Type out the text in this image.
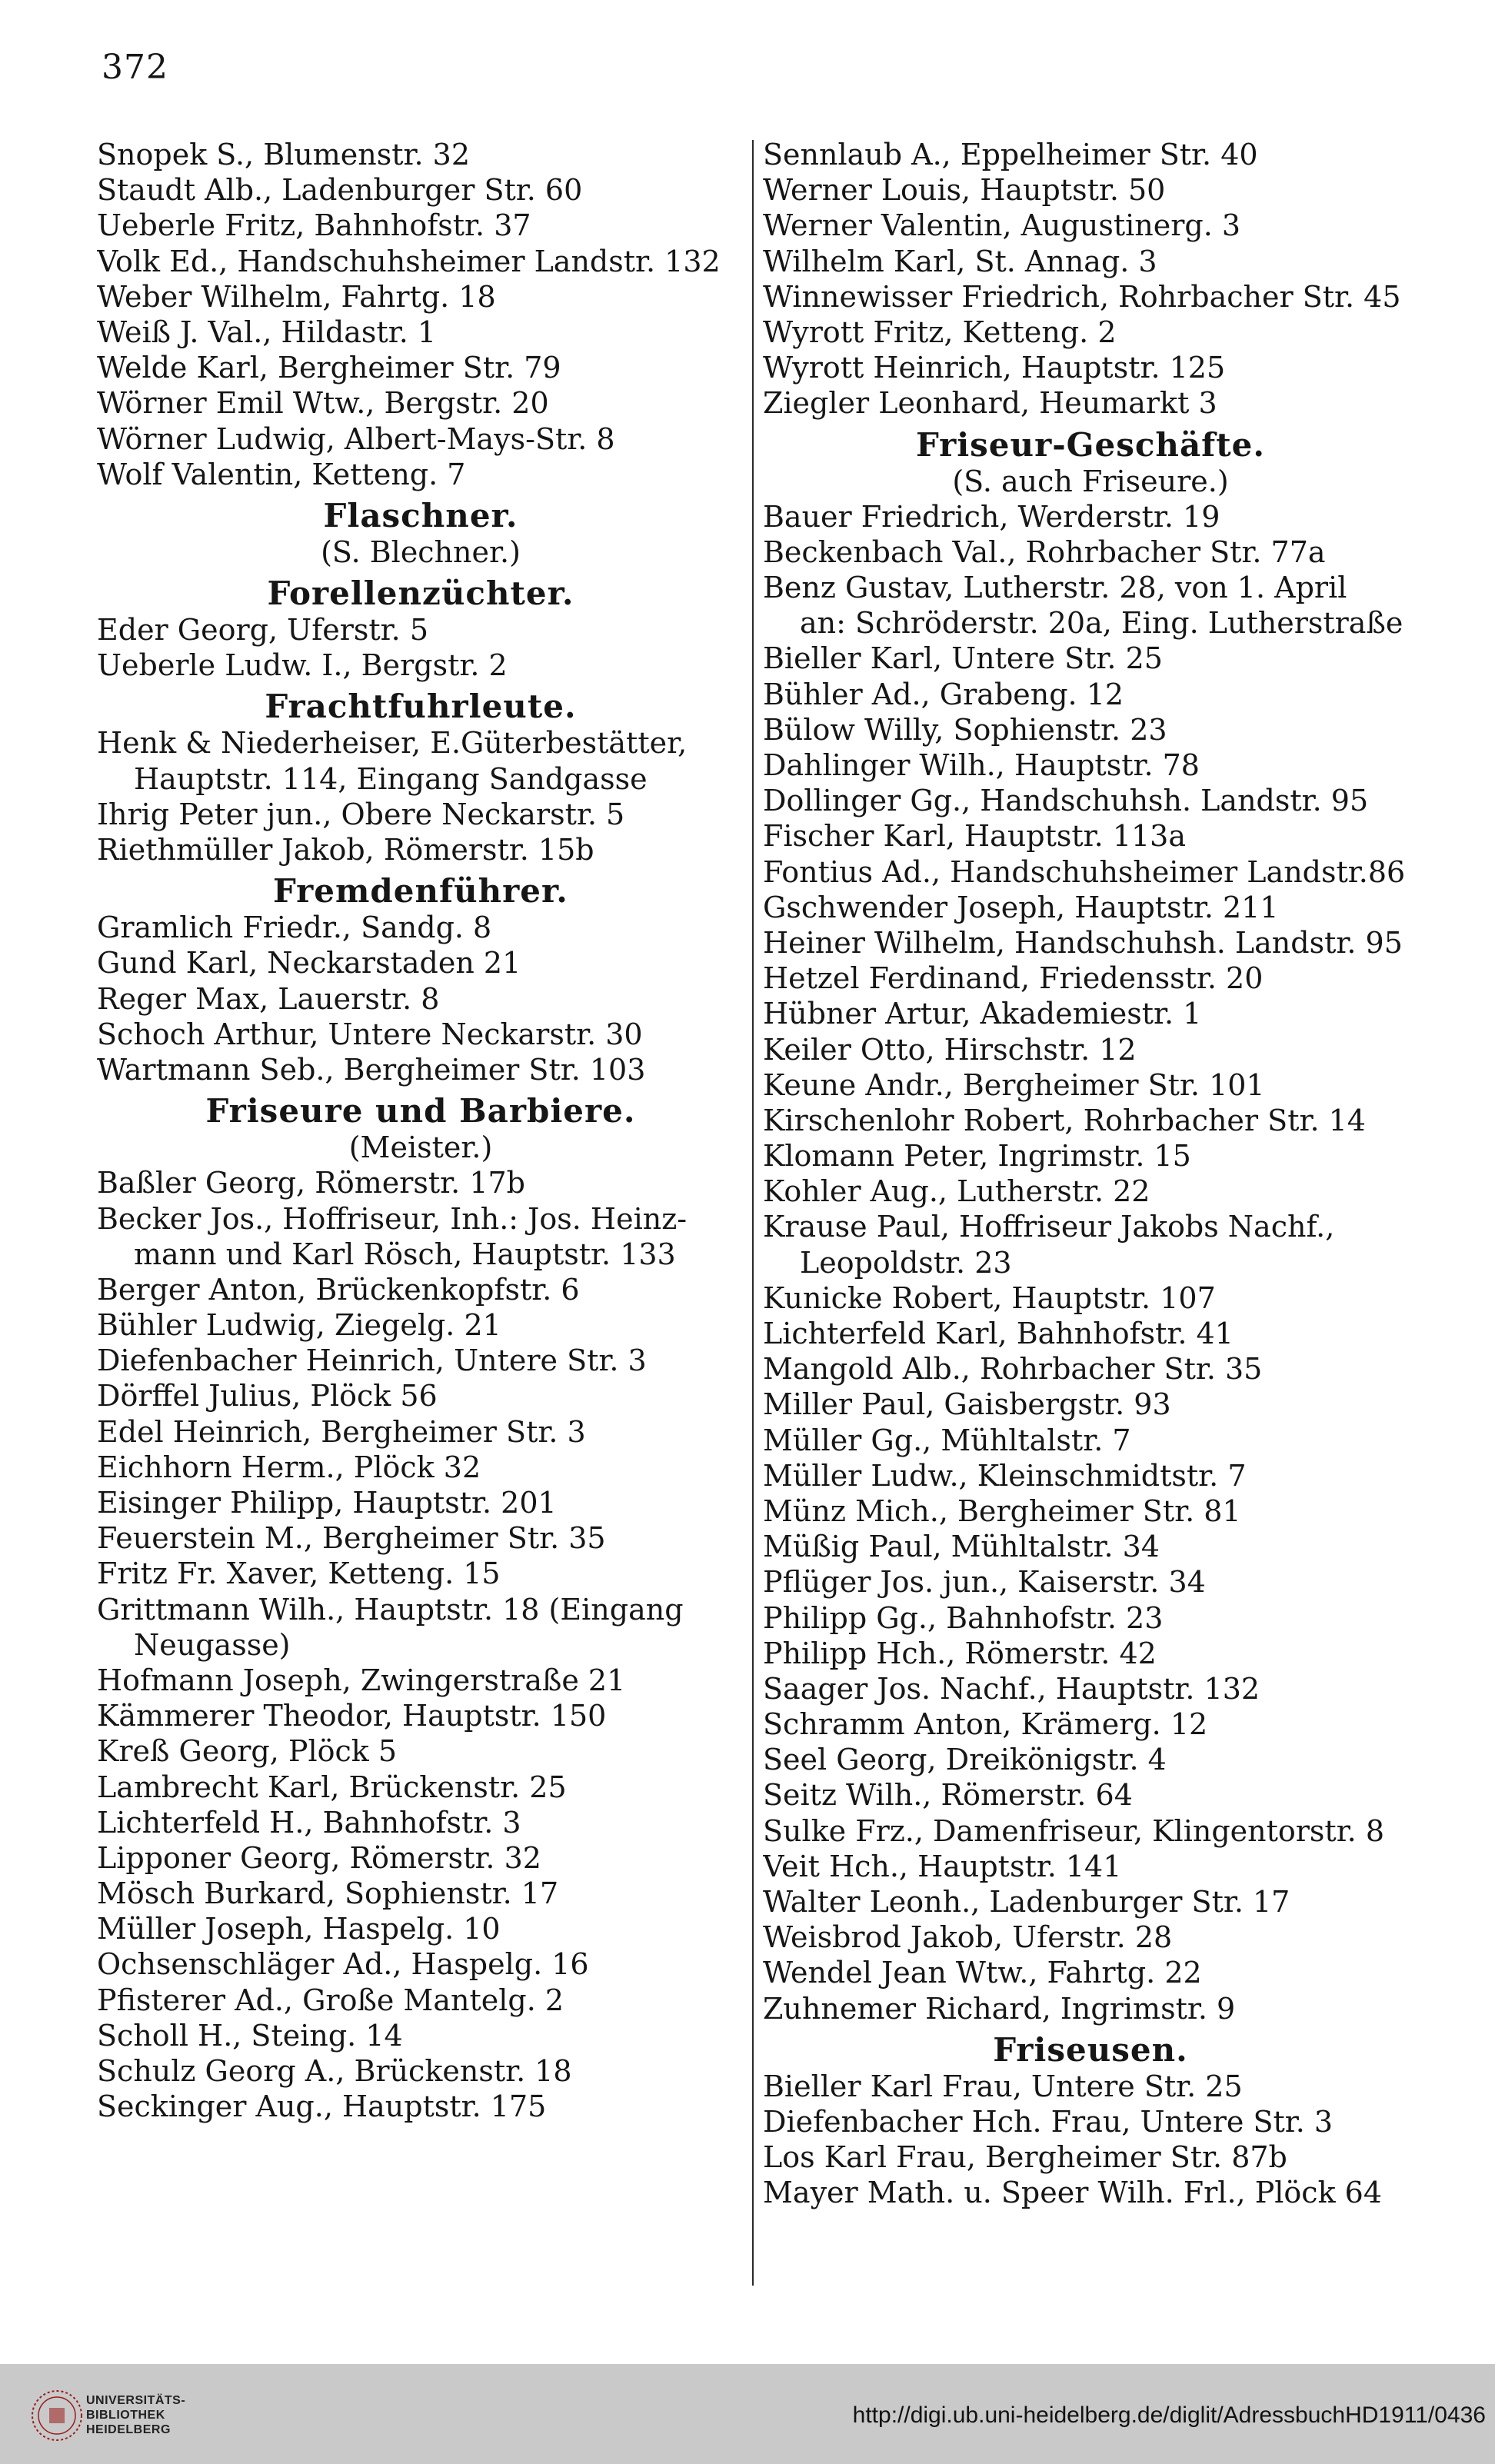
372
Snopek S., Blumenstr. 32
Staudt Alb., Ladenburger Str. 60
Ueberle Fritz, Bahnhofstr. 37
Volk Ed., Handschuhsheimer Landstr. 132
Weber Wilhelm, Fahrtg. 18
Weiß J. Val., Hildastr. 1
Welde Karl, Bergheimer Str. 79
Wörner Emil Wtw., Bergstr. 20
Wörner Ludwig, Albert-Mays-Str. 8
Wolf Valentin, Ketteng. 7
Flaschner.
(S. Blechner.)
Forellenzüchter.
Eder Georg, Uferstr. 5
Ueberle Ludw. I., Bergstr. 2
Frachtfuhrleute.
Henk & Niederheiser, E.Güterbestätter,
Hauptstr. 114, Eingang Sandgasse
Ihrig Peter jun., Obere Neckarstr. 5
Riethmüller Jakob, Römerstr. 15b
Fremdenführer.
Gramlich Friedr., Sandg. 8
Gund Karl, Neckarstaden 21
Reger Max, Lauerstr. 8
Schoch Arthur, Untere Neckarstr. 30
Wartmann Seb., Bergheimer Str. 103
Friseure und Barbiere.
(Meister.)
Baßler Georg, Römerstr. 17b
Becker Jos., Hoffriseur, Inh.: Jos. Heinz-
mann und Karl Rösch, Hauptstr. 133
Berger Anton, Brückenkopfstr. 6
Bühler Ludwig, Ziegelg. 21
Diefenbacher Heinrich, Untere Str. 3
Dörffel Julius, Plöck 56
Edel Heinrich, Bergheimer Str. 3
Eichhorn Herm., Plöck 32
Eisinger Philipp, Hauptstr. 201
Feuerstein M., Bergheimer Str. 35
Fritz Fr. Xaver, Ketteng. 15
Grittmann Wilh., Hauptstr. 18 (Eingang
Neugasse)
Hofmann Joseph, Zwingerstraße 21
Kämmerer Theodor, Hauptstr. 150
Kreß Georg, Plöck 5
Lambrecht Karl, Brückenstr. 25
Lichterfeld H., Bahnhofstr. 3
Lipponer Georg, Römerstr. 32
Mösch Burkard, Sophienstr. 17
Müller Joseph, Haspelg. 10
Ochsenschläger Ad., Haspelg. 16
Pfisterer Ad., Große Mantelg. 2
Scholl H., Steing. 14
Schulz Georg A., Brückenstr. 18
Seckinger Aug., Hauptstr. 175
Sennlaub A., Eppelheimer Str. 40
Werner Louis, Hauptstr. 50
Werner Valentin, Augustinerg. 3
Wilhelm Karl, St. Annag. 3
Winnewisser Friedrich, Rohrbacher Str. 45
Wyrott Fritz, Ketteng. 2
Wyrott Heinrich, Hauptstr. 125
Ziegler Leonhard, Heumarkt 3
Friseur-Geschäfte.
(S. auch Friseure.)
Bauer Friedrich, Werderstr. 19
Beckenbach Val., Rohrbacher Str. 77a
Benz Gustav, Lutherstr. 28, von 1. April
an: Schröderstr. 20a, Eing. Lutherstraße
Bieller Karl, Untere Str. 25
Bühler Ad., Grabeng. 12
Bülow Willy, Sophienstr. 23
Dahlinger Wilh., Hauptstr. 78
Dollinger Gg., Handschuhsh. Landstr. 95
Fischer Karl, Hauptstr. 113a
Fontius Ad., Handschuhsheimer Landstr.86
Gschwender Joseph, Hauptstr. 211
Heiner Wilhelm, Handschuhsh. Landstr. 95
Hetzel Ferdinand, Friedensstr. 20
Hübner Artur, Akademiestr. 1
Keiler Otto, Hirschstr. 12
Keune Andr., Bergheimer Str. 101
Kirschenlohr Robert, Rohrbacher Str. 14
Klomann Peter, Ingrimstr. 15
Kohler Aug., Lutherstr. 22
Krause Paul, Hoffriseur Jakobs Nachf.,
Leopoldstr. 23
Kunicke Robert, Hauptstr. 107
Lichterfeld Karl, Bahnhofstr. 41
Mangold Alb., Rohrbacher Str. 35
Miller Paul, Gaisbergstr. 93
Müller Gg., Mühltalstr. 7
Müller Ludw., Kleinschmidtstr. 7
Münz Mich., Bergheimer Str. 81
Müßig Paul, Mühltalstr. 34
Pflüger Jos. jun., Kaiserstr. 34
Philipp Gg., Bahnhofstr. 23
Philipp Hch., Römerstr. 42
Saager Jos. Nachf., Hauptstr. 132
Schramm Anton, Krämerg. 12
Seel Georg, Dreikönigstr. 4
Seitz Wilh., Römerstr. 64
Sulke Frz., Damenfriseur, Klingentorstr. 8
Veit Hch., Hauptstr. 141
Walter Leonh., Ladenburger Str. 17
Weisbrod Jakob, Uferstr. 28
Wendel Jean Wtw., Fahrtg. 22
Zuhnemer Richard, Ingrimstr. 9
Friseusen.
Bieller Karl Frau, Untere Str. 25
Diefenbacher Hch. Frau, Untere Str. 3
Los Karl Frau, Bergheimer Str. 87b
Mayer Math. u. Speer Wilh. Frl., Plöck 64
UNIVERSITÄTS-
BIBLIOTHEK
HEIDELBERG
http://digi.ub.uni-heidelberg.de/diglit/AdressbuchHD1911/0436
